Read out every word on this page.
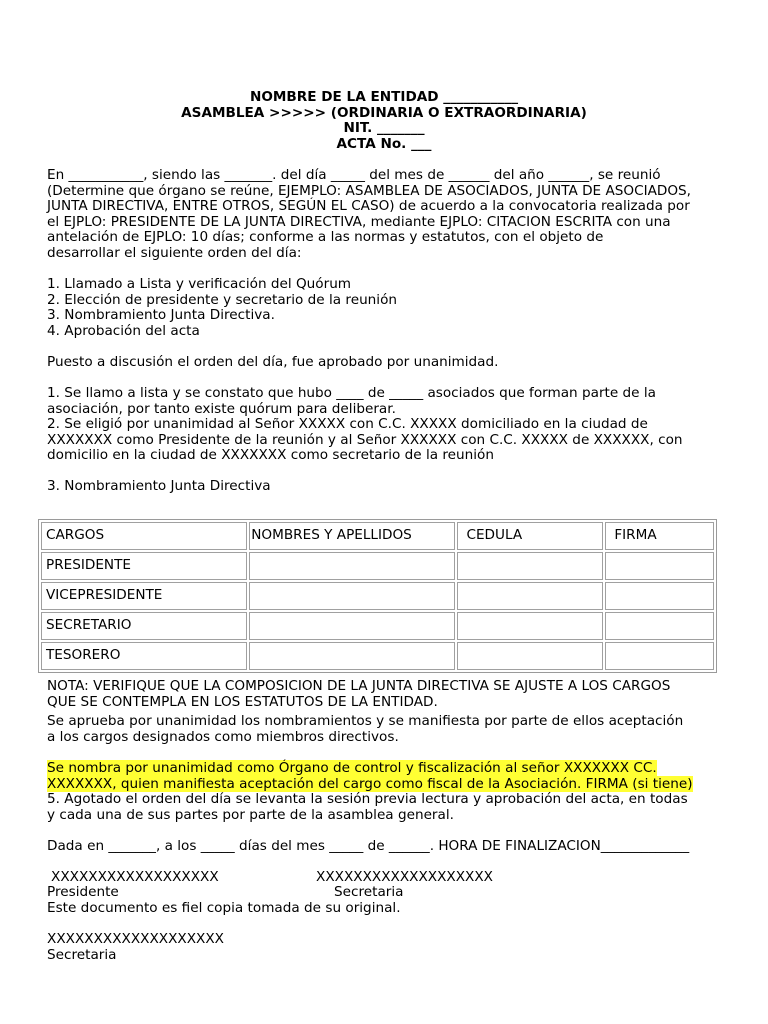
NOMBRE DE LA ENTIDAD ___________
ASAMBLEA >>>>> (ORDINARIA O EXTRAORDINARIA)
NIT. _______
ACTA No. ___
En ___________, siendo las _______. del día _____ del mes de ______ del año ______, se reunió
(Determine que órgano se reúne, EJEMPLO: ASAMBLEA DE ASOCIADOS, JUNTA DE ASOCIADOS,
JUNTA DIRECTIVA, ENTRE OTROS, SEGÚN EL CASO) de acuerdo a la convocatoria realizada por
el EJPLO: PRESIDENTE DE LA JUNTA DIRECTIVA, mediante EJPLO: CITACION ESCRITA con una
antelación de EJPLO: 10 días; conforme a las normas y estatutos, con el objeto de
desarrollar el siguiente orden del día:
1. Llamado a Lista y verificación del Quórum
2. Elección de presidente y secretario de la reunión
3. Nombramiento Junta Directiva.
4. Aprobación del acta
Puesto a discusión el orden del día, fue aprobado por unanimidad.
1. Se llamo a lista y se constato que hubo ____ de _____ asociados que forman parte de la
asociación, por tanto existe quórum para deliberar.
2. Se eligió por unanimidad al Señor XXXXX con C.C. XXXXX domiciliado en la ciudad de
XXXXXXX como Presidente de la reunión y al Señor XXXXXX con C.C. XXXXX de XXXXXX, con
domicilio en la ciudad de XXXXXXX como secretario de la reunión
3. Nombramiento Junta Directiva
CARGOS	NOMBRES Y APELLIDOS	CEDULA	FIRMA
PRESIDENTE			
VICEPRESIDENTE			
SECRETARIO			
TESORERO			
NOTA: VERIFIQUE QUE LA COMPOSICION DE LA JUNTA DIRECTIVA SE AJUSTE A LOS CARGOS
QUE SE CONTEMPLA EN LOS ESTATUTOS DE LA ENTIDAD.
Se aprueba por unanimidad los nombramientos y se manifiesta por parte de ellos aceptación
a los cargos designados como miembros directivos.
Se nombra por unanimidad como Órgano de control y fiscalización al señor XXXXXXX CC.
XXXXXXX, quien manifiesta aceptación del cargo como fiscal de la Asociación. FIRMA (si tiene)
5. Agotado el orden del día se levanta la sesión previa lectura y aprobación del acta, en todas
y cada una de sus partes por parte de la asamblea general.
Dada en _______, a los _____ días del mes _____ de ______. HORA DE FINALIZACION_____________
XXXXXXXXXXXXXXXXXX	XXXXXXXXXXXXXXXXXXX
Presidente	Secretaria
Este documento es fiel copia tomada de su original.
XXXXXXXXXXXXXXXXXXX
Secretaria
